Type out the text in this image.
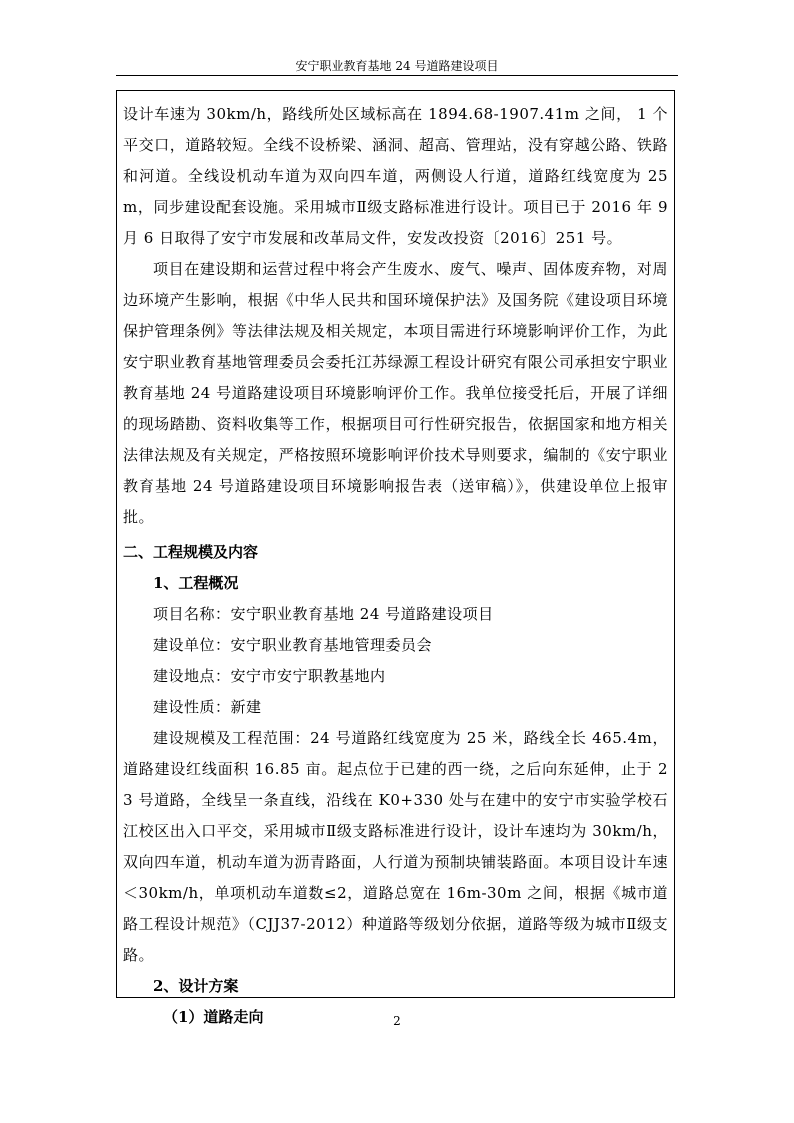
安宁职业教育基地 24 号道路建设项目

设计车速为 30km/h，路线所处区域标高在 1894.68-1907.41m 之间， 1 个平交口，道路较短。全线不设桥梁、涵洞、超高、管理站，没有穿越公路、铁路和河道。全线设机动车道为双向四车道，两侧设人行道，道路红线宽度为 25m，同步建设配套设施。采用城市Ⅱ级支路标准进行设计。项目已于 2016 年 9 月 6 日取得了安宁市发展和改革局文件，安发改投资〔2016〕251 号。

项目在建设期和运营过程中将会产生废水、废气、噪声、固体废弃物，对周边环境产生影响，根据《中华人民共和国环境保护法》及国务院《建设项目环境保护管理条例》等法律法规及相关规定，本项目需进行环境影响评价工作，为此安宁职业教育基地管理委员会委托江苏绿源工程设计研究有限公司承担安宁职业教育基地 24 号道路建设项目环境影响评价工作。我单位接受托后，开展了详细的现场踏勘、资料收集等工作，根据项目可行性研究报告，依据国家和地方相关法律法规及有关规定，严格按照环境影响评价技术导则要求，编制的《安宁职业教育基地 24 号道路建设项目环境影响报告表（送审稿）》，供建设单位上报审批。

二、工程规模及内容

1、工程概况

项目名称：安宁职业教育基地 24 号道路建设项目

建设单位：安宁职业教育基地管理委员会

建设地点：安宁市安宁职教基地内

建设性质：新建

建设规模及工程范围：24 号道路红线宽度为 25 米，路线全长 465.4m，道路建设红线面积 16.85 亩。起点位于已建的西一绕，之后向东延伸，止于 23 号道路，全线呈一条直线，沿线在 K0+330 处与在建中的安宁市实验学校石江校区出入口平交，采用城市Ⅱ级支路标准进行设计，设计车速均为 30km/h，双向四车道，机动车道为沥青路面，人行道为预制块铺装路面。本项目设计车速＜30km/h，单项机动车道数≤2，道路总宽在 16m-30m 之间，根据《城市道路工程设计规范》（CJJ37-2012）种道路等级划分依据，道路等级为城市Ⅱ级支路。

2、设计方案

（1）道路走向	2
